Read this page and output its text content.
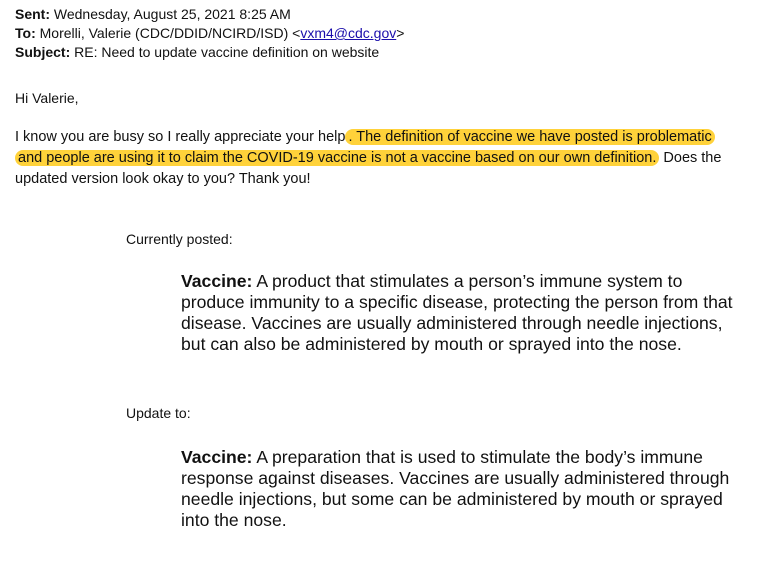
Sent: Wednesday, August 25, 2021 8:25 AM
To: Morelli, Valerie (CDC/DDID/NCIRD/ISD) <vxm4@cdc.gov>
Subject: RE: Need to update vaccine definition on website
Hi Valerie,
I know you are busy so I really appreciate your help . The definition of vaccine we have posted is problematic and people are using it to claim the COVID-19 vaccine is not a vaccine based on our own definition. Does the updated version look okay to you? Thank you!
Currently posted:
Vaccine: A product that stimulates a person’s immune system to produce immunity to a specific disease, protecting the person from that disease. Vaccines are usually administered through needle injections, but can also be administered by mouth or sprayed into the nose.
Update to:
Vaccine: A preparation that is used to stimulate the body’s immune response against diseases. Vaccines are usually administered through needle injections, but some can be administered by mouth or sprayed into the nose.
